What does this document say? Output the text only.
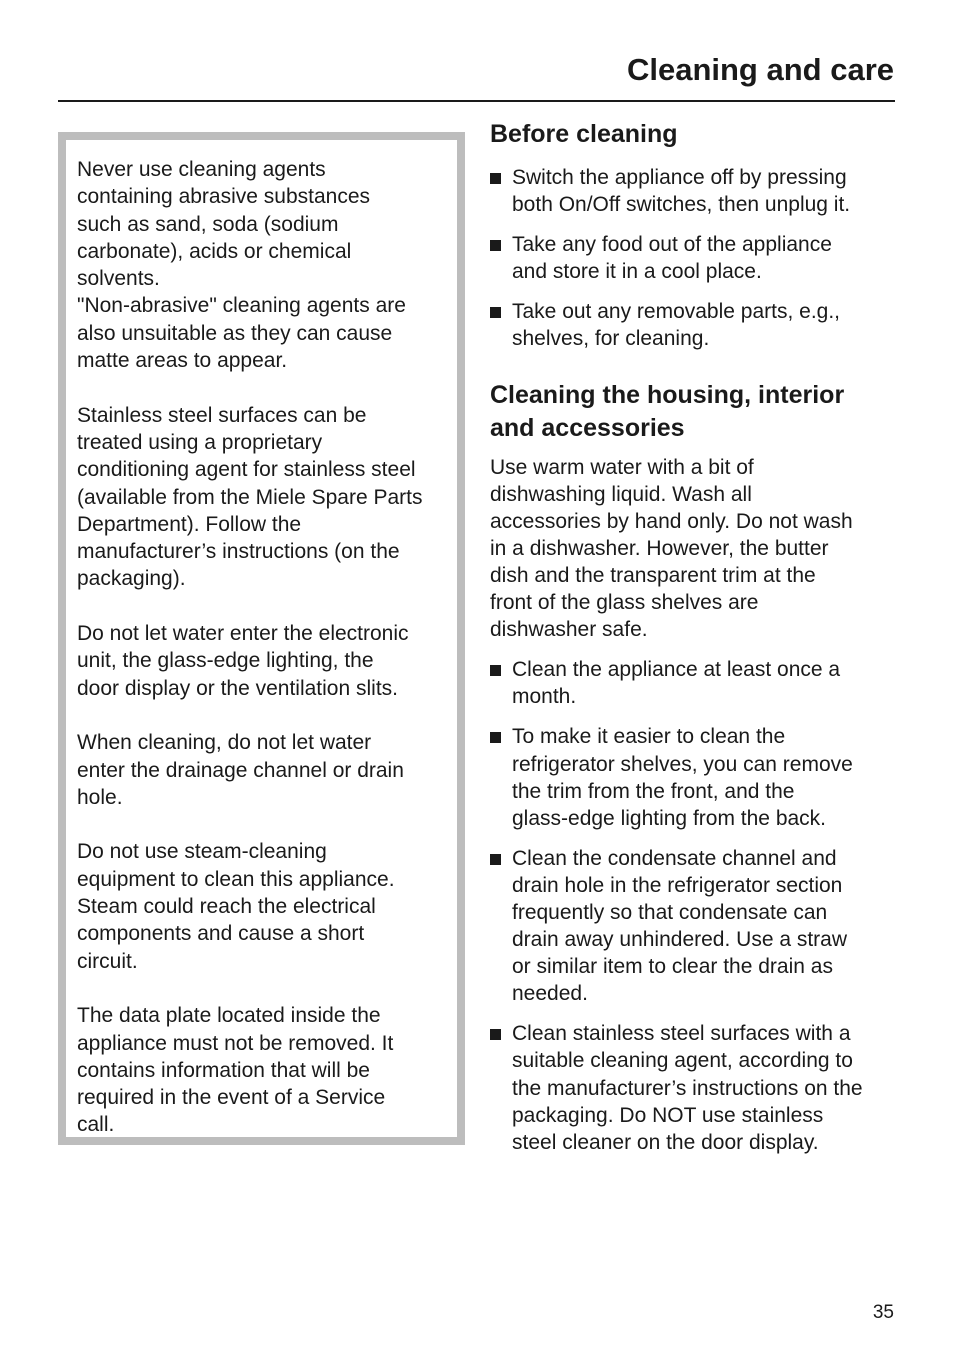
Cleaning and care

Never use cleaning agents
containing abrasive substances
such as sand, soda (sodium
carbonate), acids or chemical
solvents.
"Non-abrasive" cleaning agents are
also unsuitable as they can cause
matte areas to appear.

Stainless steel surfaces can be
treated using a proprietary
conditioning agent for stainless steel
(available from the Miele Spare Parts
Department). Follow the
manufacturer’s instructions (on the
packaging).

Do not let water enter the electronic
unit, the glass-edge lighting, the
door display or the ventilation slits.

When cleaning, do not let water
enter the drainage channel or drain
hole.

Do not use steam-cleaning
equipment to clean this appliance.
Steam could reach the electrical
components and cause a short
circuit.

The data plate located inside the
appliance must not be removed. It
contains information that will be
required in the event of a Service
call.

Before cleaning
Switch the appliance off by pressing
both On/Off switches, then unplug it.
Take any food out of the appliance
and store it in a cool place.
Take out any removable parts, e.g.,
shelves, for cleaning.
Cleaning the housing, interior
and accessories

Use warm water with a bit of
dishwashing liquid. Wash all
accessories by hand only. Do not wash
in a dishwasher. However, the butter
dish and the transparent trim at the
front of the glass shelves are
dishwasher safe.

Clean the appliance at least once a
month.
To make it easier to clean the
refrigerator shelves, you can remove
the trim from the front, and the
glass-edge lighting from the back.
Clean the condensate channel and
drain hole in the refrigerator section
frequently so that condensate can
drain away unhindered. Use a straw
or similar item to clear the drain as
needed.
Clean stainless steel surfaces with a
suitable cleaning agent, according to
the manufacturer’s instructions on the
packaging. Do NOT use stainless
steel cleaner on the door display.
35
